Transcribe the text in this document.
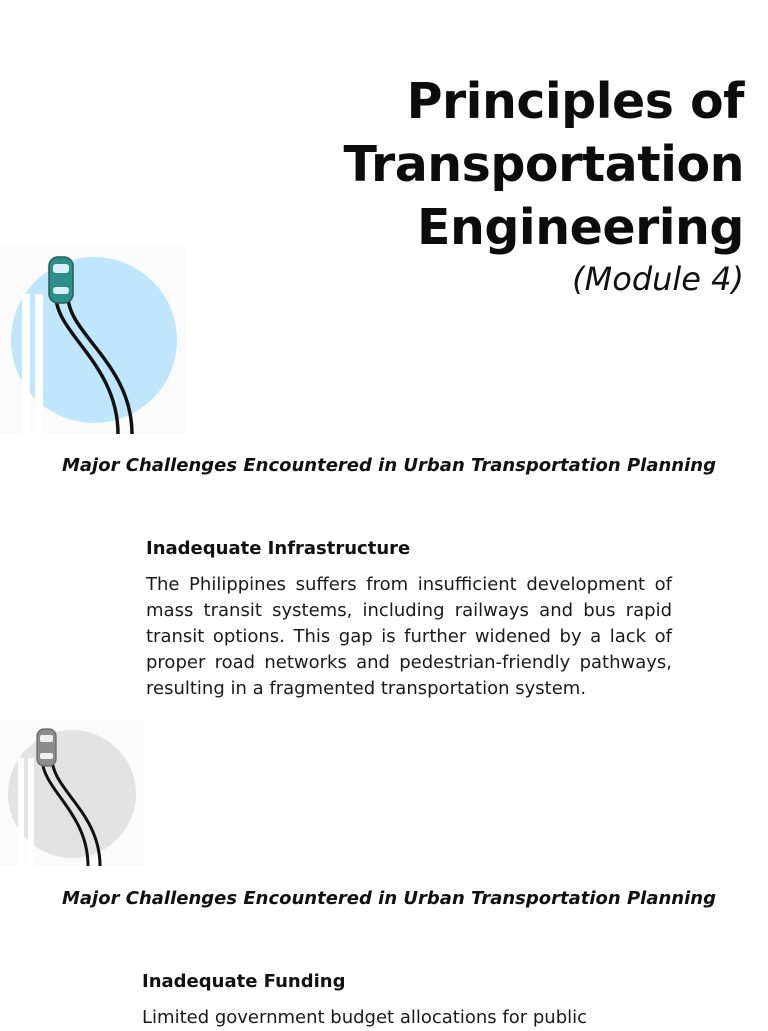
Principles of
Transportation
Engineering
(Module 4)
Major Challenges Encountered in Urban Transportation Planning
Inadequate Infrastructure
The Philippines suffers from insufficient development of mass transit systems, including railways and bus rapid transit options. This gap is further widened by a lack of proper road networks and pedestrian-friendly pathways, resulting in a fragmented transportation system.
Major Challenges Encountered in Urban Transportation Planning
Inadequate Funding
Limited government budget allocations for public
